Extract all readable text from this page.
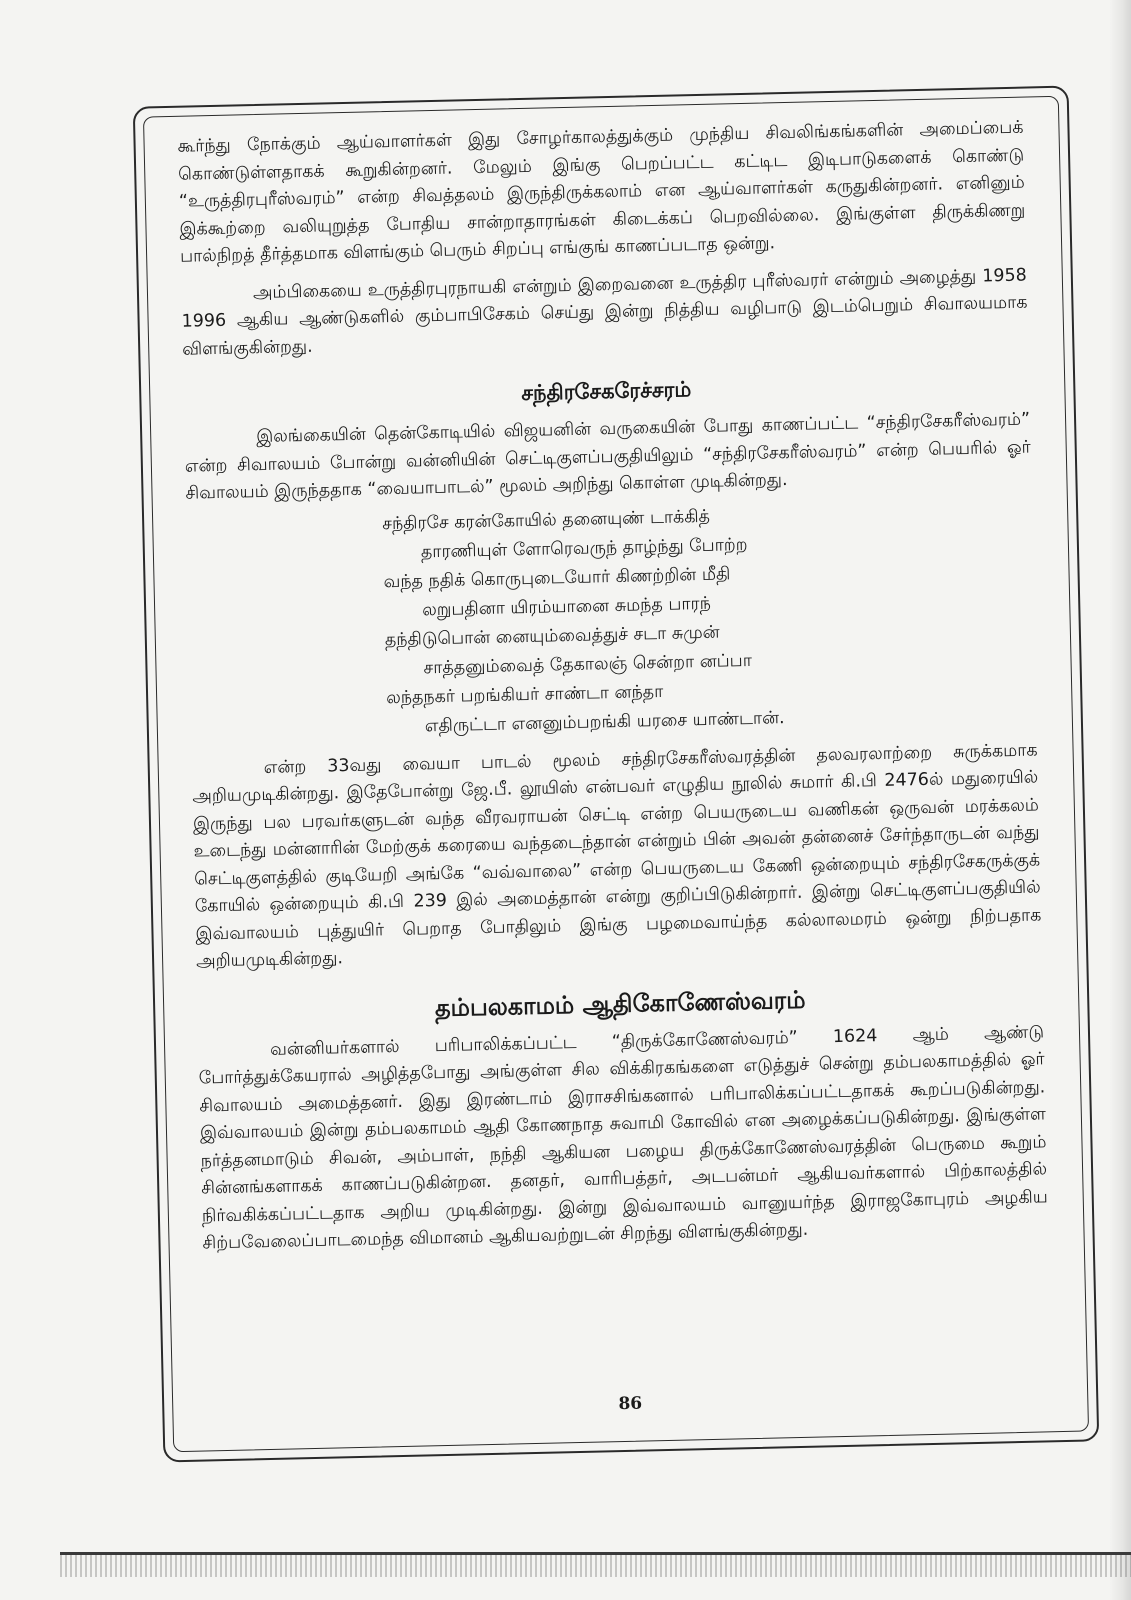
கூர்ந்து நோக்கும் ஆய்வாளர்கள் இது சோழர்காலத்துக்கும் முந்திய சிவலிங்கங்களின் அமைப்பைக் கொண்டுள்ளதாகக் கூறுகின்றனர். மேலும் இங்கு பெறப்பட்ட கட்டிட இடிபாடுகளைக் கொண்டு “உருத்திரபுரீஸ்வரம்” என்ற சிவத்தலம் இருந்திருக்கலாம் என ஆய்வாளர்கள் கருதுகின்றனர். எனினும் இக்கூற்றை வலியுறுத்த போதிய சான்றாதாரங்கள் கிடைக்கப் பெறவில்லை. இங்குள்ள திருக்கிணறு பால்நிறத் தீர்த்தமாக விளங்கும் பெரும் சிறப்பு எங்குங் காணப்படாத ஒன்று.

அம்பிகையை உருத்திரபுரநாயகி என்றும் இறைவனை உருத்திர புரீஸ்வரர் என்றும் அழைத்து 1958 1996 ஆகிய ஆண்டுகளில் கும்பாபிசேகம் செய்து இன்று நித்திய வழிபாடு இடம்பெறும் சிவாலயமாக விளங்குகின்றது.

சந்திரசேகரேச்சரம்

இலங்கையின் தென்கோடியில் விஜயனின் வருகையின் போது காணப்பட்ட “சந்திரசேகரீஸ்வரம்” என்ற சிவாலயம் போன்று வன்னியின் செட்டிகுளப்பகுதியிலும் “சந்திரசேகரீஸ்வரம்” என்ற பெயரில் ஓர் சிவாலயம் இருந்ததாக “வையாபாடல்” மூலம் அறிந்து கொள்ள முடிகின்றது.

சந்திரசே கரன்கோயில் தனையுண் டாக்கித்
தாரணியுள் ளோரெவருந் தாழ்ந்து போற்ற
வந்த நதிக் கொருபுடையோர் கிணற்றின் மீதி
லறுபதினா யிரம்யானை சுமந்த பாரந்
தந்திடுபொன் னையும்வைத்துச் சடா சுமுன்
சாத்தனும்வைத் தேகாலஞ் சென்றா னப்பா
லந்தநகர் பறங்கியர் சாண்டா னந்தா
எதிருட்டா எனனும்பறங்கி யரசை யாண்டான்.

என்ற 33வது வையா பாடல் மூலம் சந்திரசேகரீஸ்வரத்தின் தலவரலாற்றை சுருக்கமாக அறியமுடிகின்றது. இதேபோன்று ஜே.பீ. லூயிஸ் என்பவர் எழுதிய நூலில் சுமார் கி.பி 2476ல் மதுரையில் இருந்து பல பரவர்களுடன் வந்த வீரவராயன் செட்டி என்ற பெயருடைய வணிகன் ஒருவன் மரக்கலம் உடைந்து மன்னாரின் மேற்குக் கரையை வந்தடைந்தான் என்றும் பின் அவன் தன்னைச் சேர்ந்தாருடன் வந்து செட்டிகுளத்தில் குடியேறி அங்கே “வவ்வாலை” என்ற பெயருடைய கேணி ஒன்றையும் சந்திரசேகருக்குக் கோயில் ஒன்றையும் கி.பி 239 இல் அமைத்தான் என்று குறிப்பிடுகின்றார். இன்று செட்டிகுளப்பகுதியில் இவ்வாலயம் புத்துயிர் பெறாத போதிலும் இங்கு பழமைவாய்ந்த கல்லாலமரம் ஒன்று நிற்பதாக அறியமுடிகின்றது.

தம்பலகாமம் ஆதிகோணேஸ்வரம்

வன்னியர்களால் பரிபாலிக்கப்பட்ட “திருக்கோணேஸ்வரம்” 1624 ஆம் ஆண்டு போர்த்துக்கேயரால் அழித்தபோது அங்குள்ள சில விக்கிரகங்களை எடுத்துச் சென்று தம்பலகாமத்தில் ஓர் சிவாலயம் அமைத்தனர். இது இரண்டாம் இராசசிங்கனால் பரிபாலிக்கப்பட்டதாகக் கூறப்படுகின்றது. இவ்வாலயம் இன்று தம்பலகாமம் ஆதி கோணநாத சுவாமி கோவில் என அழைக்கப்படுகின்றது. இங்குள்ள நர்த்தனமாடும் சிவன், அம்பாள், நந்தி ஆகியன பழைய திருக்கோணேஸ்வரத்தின் பெருமை கூறும் சின்னங்களாகக் காணப்படுகின்றன. தனதர், வாரிபத்தர், அடபன்மர் ஆகியவர்களால் பிற்காலத்தில் நிர்வகிக்கப்பட்டதாக அறிய முடிகின்றது. இன்று இவ்வாலயம் வானுயர்ந்த இராஜகோபுரம் அழகிய சிற்பவேலைப்பாடமைந்த விமானம் ஆகியவற்றுடன் சிறந்து விளங்குகின்றது.

86
